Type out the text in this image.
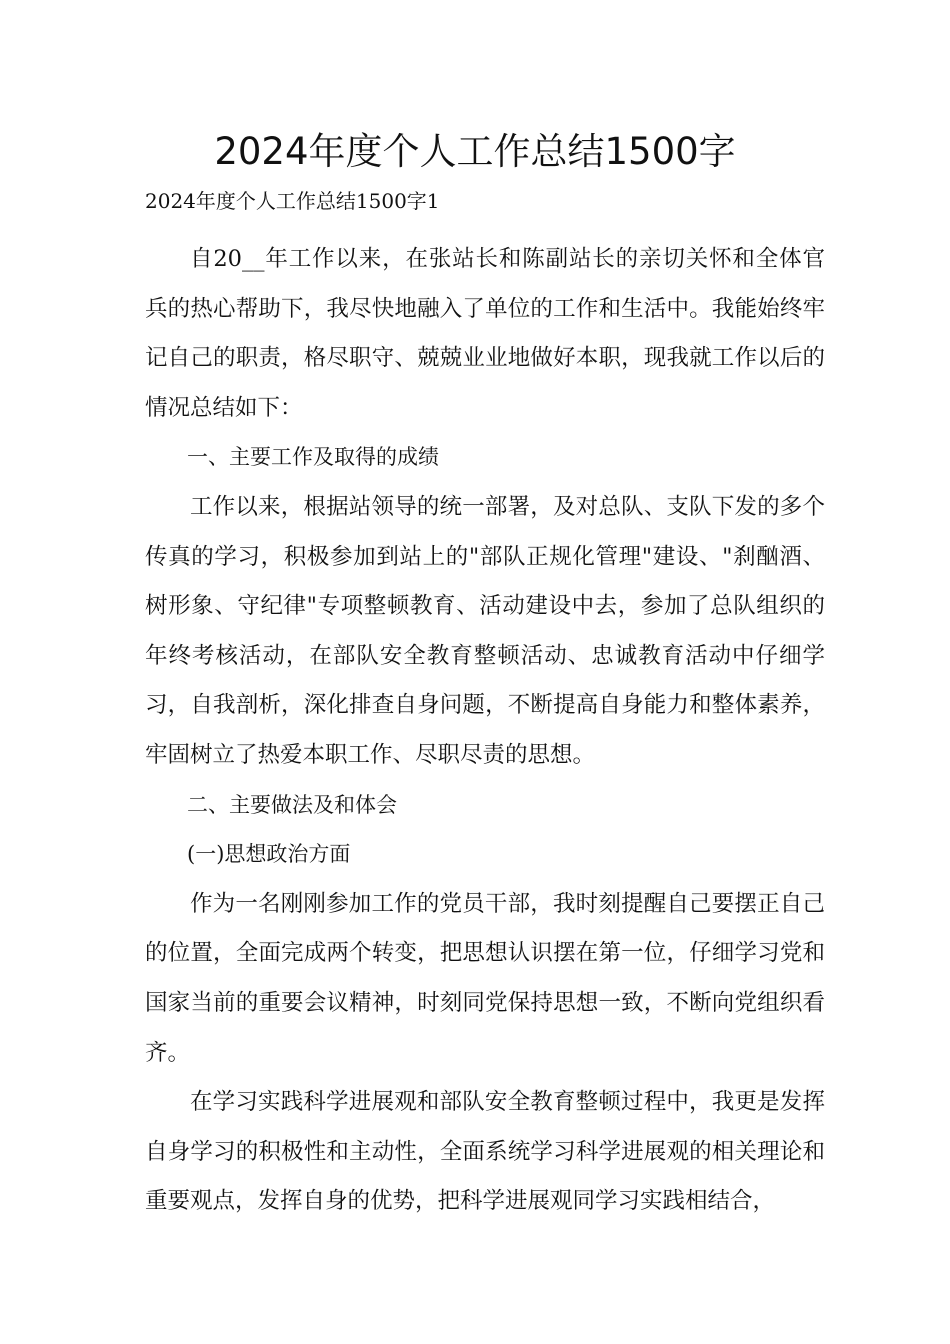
2024年度个人工作总结1500字

2024年度个人工作总结1500字1

自20__年工作以来，在张站长和陈副站长的亲切关怀和全体官兵的热心帮助下，我尽快地融入了单位的工作和生活中。我能始终牢记自己的职责，格尽职守、兢兢业业地做好本职，现我就工作以后的情况总结如下：

一、主要工作及取得的成绩

工作以来，根据站领导的统一部署，及对总队、支队下发的多个传真的学习，积极参加到站上的"部队正规化管理"建设、"刹酗酒、树形象、守纪律"专项整顿教育、活动建设中去，参加了总队组织的年终考核活动，在部队安全教育整顿活动、忠诚教育活动中仔细学习，自我剖析，深化排查自身问题，不断提高自身能力和整体素养，牢固树立了热爱本职工作、尽职尽责的思想。

二、主要做法及和体会

(一)思想政治方面

作为一名刚刚参加工作的党员干部，我时刻提醒自己要摆正自己的位置，全面完成两个转变，把思想认识摆在第一位，仔细学习党和国家当前的重要会议精神，时刻同党保持思想一致，不断向党组织看齐。

在学习实践科学进展观和部队安全教育整顿过程中，我更是发挥自身学习的积极性和主动性，全面系统学习科学进展观的相关理论和重要观点，发挥自身的优势，把科学进展观同学习实践相结合，
